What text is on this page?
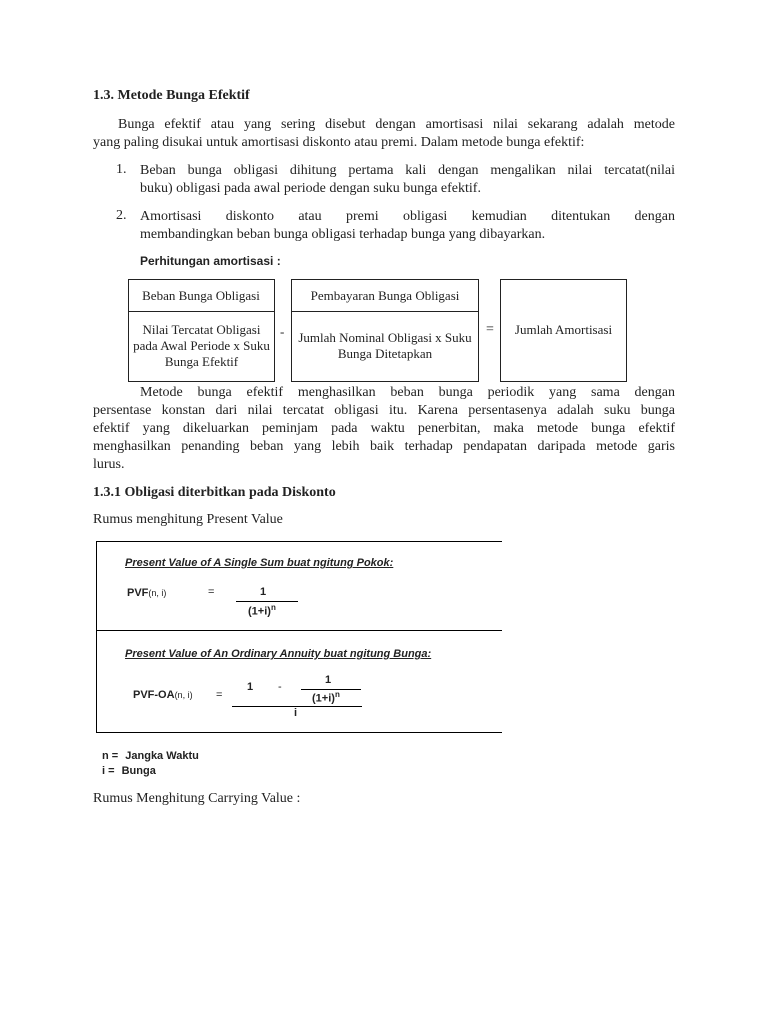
1.3. Metode Bunga Efektif
Bunga efektif atau yang sering disebut dengan amortisasi nilai sekarang adalah metode
yang paling disukai untuk amortisasi diskonto atau premi. Dalam metode bunga efektif:
1. Beban bunga obligasi dihitung pertama kali dengan mengalikan nilai tercatat(nilai
buku) obligasi pada awal periode dengan suku bunga efektif.
2. Amortisasi diskonto atau premi obligasi kemudian ditentukan dengan
membandingkan beban bunga obligasi terhadap bunga yang dibayarkan.
Perhitungan amortisasi :
Beban Bunga Obligasi
Nilai Tercatat Obligasi pada Awal Periode x Suku Bunga Efektif
-
Pembayaran Bunga Obligasi
Jumlah Nominal Obligasi x Suku Bunga Ditetapkan
=	Jumlah Amortisasi
Metode bunga efektif menghasilkan beban bunga periodik yang sama dengan
persentase konstan dari nilai tercatat obligasi itu. Karena persentasenya adalah suku bunga
efektif yang dikeluarkan peminjam pada waktu penerbitan, maka metode bunga efektif
menghasilkan penanding beban yang lebih baik terhadap pendapatan daripada metode garis
lurus.
1.3.1 Obligasi diterbitkan pada Diskonto
Rumus menghitung Present Value
Present Value of A Single Sum buat ngitung Pokok:
PVF(n, i)	=	1
$(1+i)^n$
Present Value of An Ordinary Annuity buat ngitung Bunga:
PVF-OA(n, i) =
1 -
1
$(1+i)^n$
i
n = Jangka Waktu
i = Bunga
Rumus Menghitung Carrying Value :
